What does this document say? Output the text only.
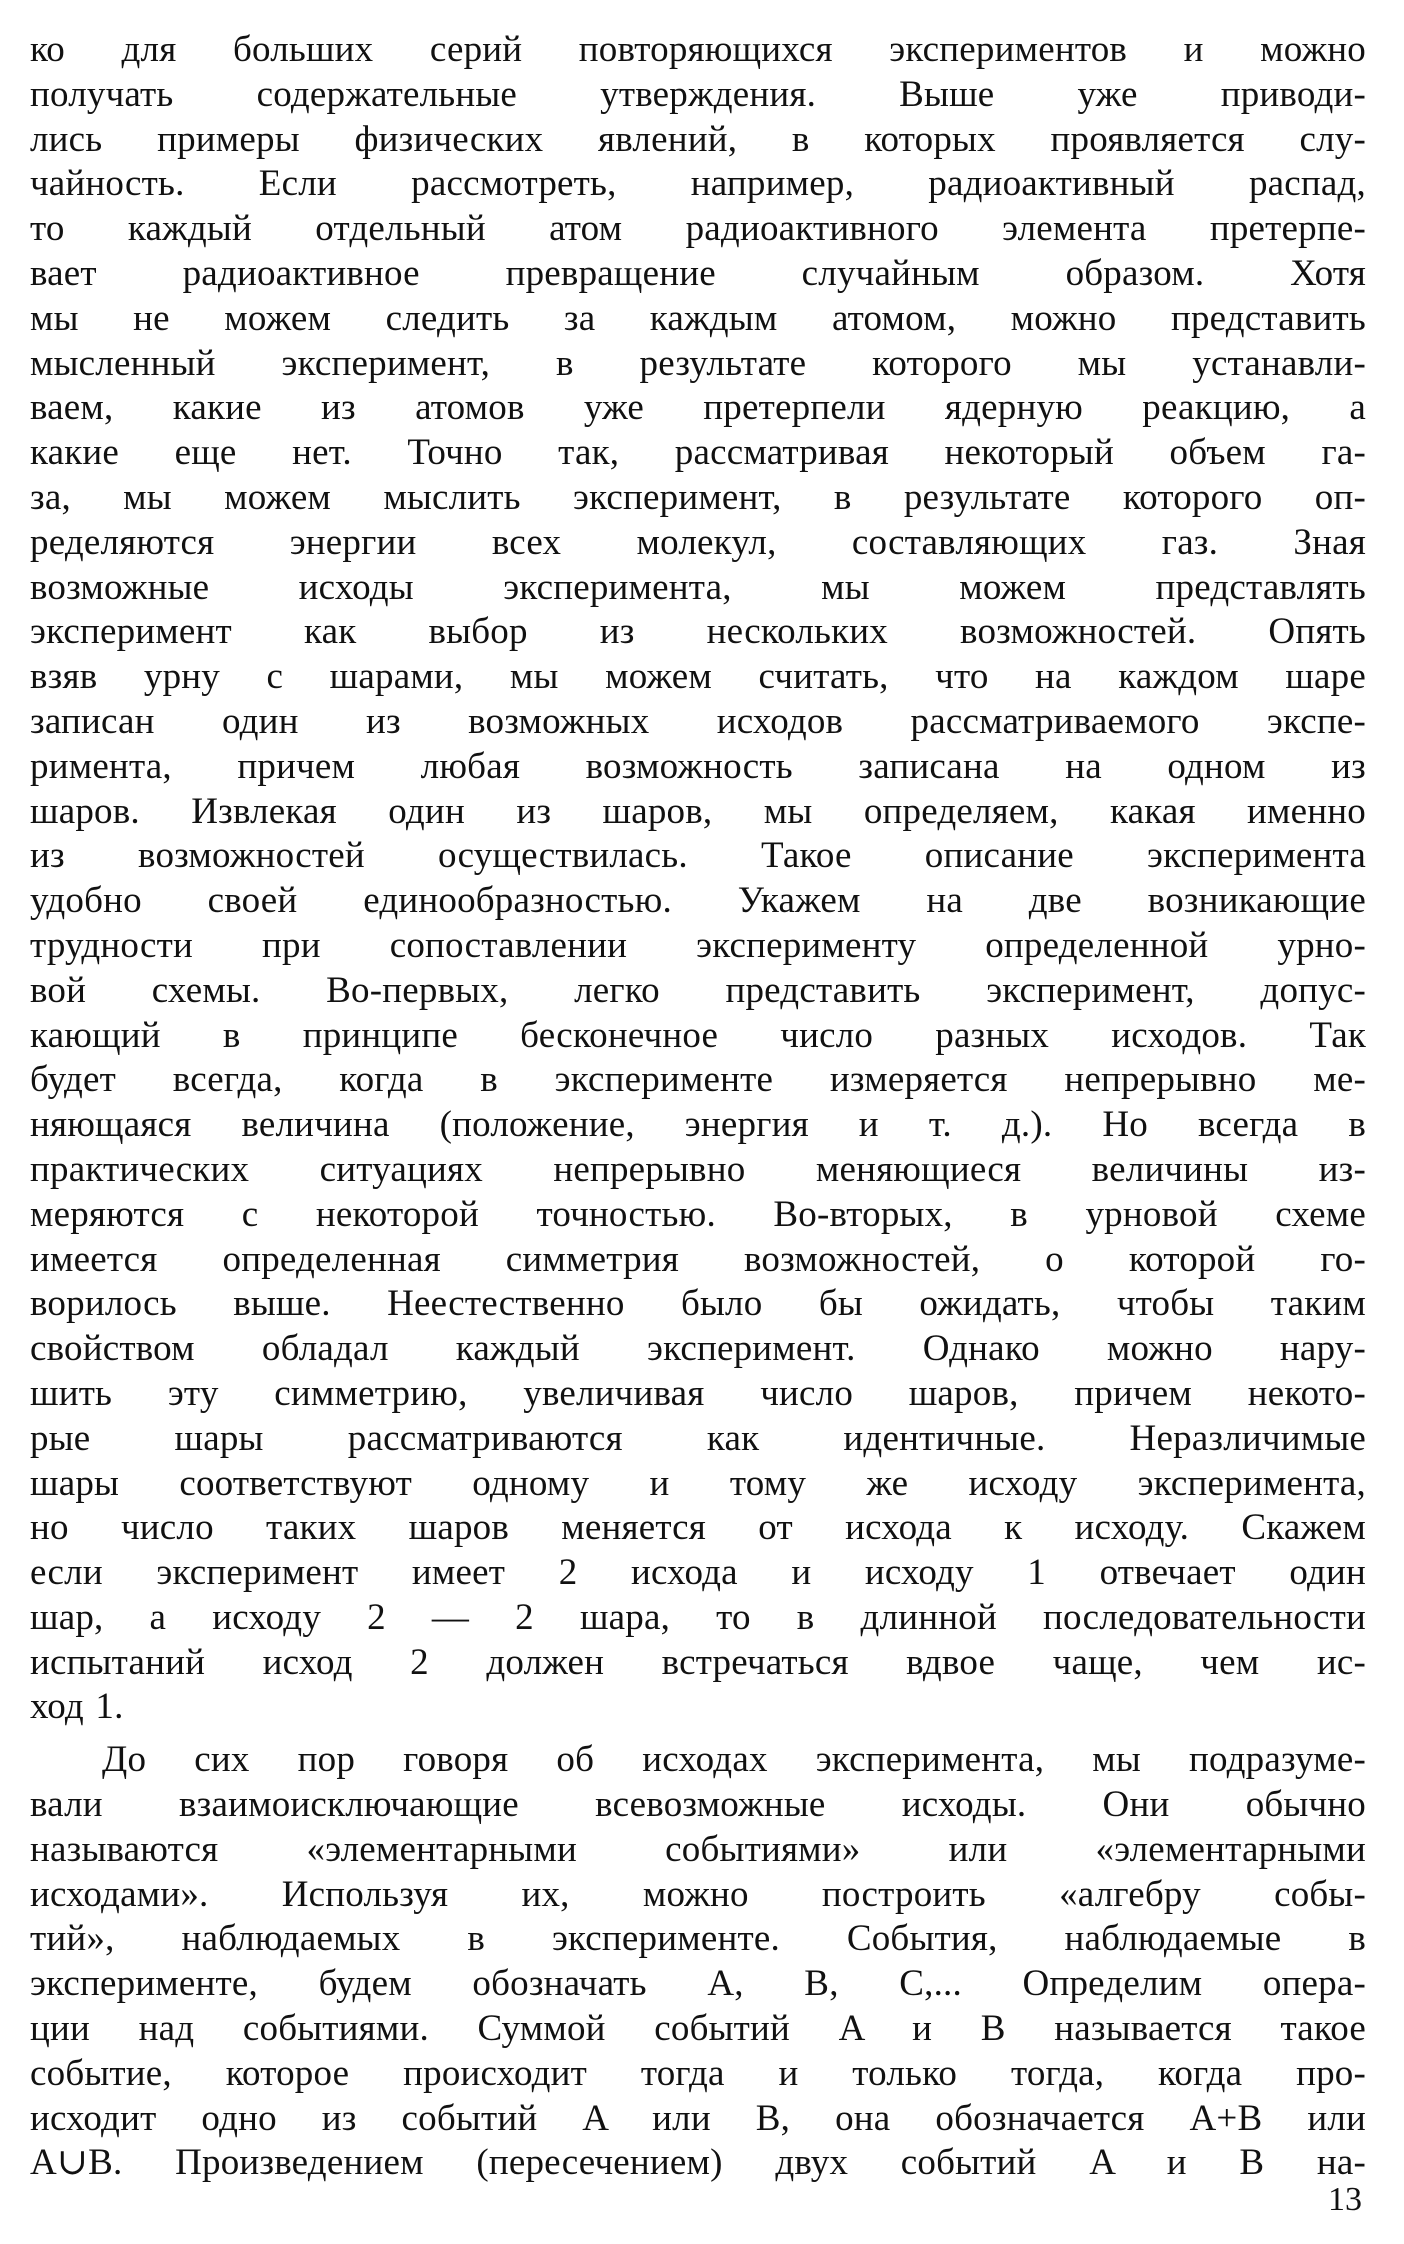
ко для больших серий повторяющихся экспериментов и можно
получать содержательные утверждения. Выше уже приводи-
лись примеры физических явлений, в которых проявляется слу-
чайность. Если рассмотреть, например, радиоактивный распад,
то каждый отдельный атом радиоактивного элемента претерпе-
вает радиоактивное превращение случайным образом. Хотя
мы не можем следить за каждым атомом, можно представить
мысленный эксперимент, в результате которого мы устанавли-
ваем, какие из атомов уже претерпели ядерную реакцию, а
какие еще нет. Точно так, рассматривая некоторый объем га-
за, мы можем мыслить эксперимент, в результате которого оп-
ределяются энергии всех молекул, составляющих газ. Зная
возможные исходы эксперимента, мы можем представлять
эксперимент как выбор из нескольких возможностей. Опять
взяв урну с шарами, мы можем считать, что на каждом шаре
записан один из возможных исходов рассматриваемого экспе-
римента, причем любая возможность записана на одном из
шаров. Извлекая один из шаров, мы определяем, какая именно
из возможностей осуществилась. Такое описание эксперимента
удобно своей единообразностью. Укажем на две возникающие
трудности при сопоставлении эксперименту определенной урно-
вой схемы. Во-первых, легко представить эксперимент, допус-
кающий в принципе бесконечное число разных исходов. Так
будет всегда, когда в эксперименте измеряется непрерывно ме-
няющаяся величина (положение, энергия и т. д.). Но всегда в
практических ситуациях непрерывно меняющиеся величины из-
меряются с некоторой точностью. Во-вторых, в урновой схеме
имеется определенная симметрия возможностей, о которой го-
ворилось выше. Неестественно было бы ожидать, чтобы таким
свойством обладал каждый эксперимент. Однако можно нару-
шить эту симметрию, увеличивая число шаров, причем некото-
рые шары рассматриваются как идентичные. Неразличимые
шары соответствуют одному и тому же исходу эксперимента,
но число таких шаров меняется от исхода к исходу. Скажем
если эксперимент имеет 2 исхода и исходу 1 отвечает один
шар, а исходу 2 — 2 шара, то в длинной последовательности
испытаний исход 2 должен встречаться вдвое чаще, чем ис-
ход 1.
До сих пор говоря об исходах эксперимента, мы подразуме-
вали взаимоисключающие всевозможные исходы. Они обычно
называются «элементарными событиями» или «элементарными
исходами». Используя их, можно построить «алгебру собы-
тий», наблюдаемых в эксперименте. События, наблюдаемые в
эксперименте, будем обозначать A, B, C,... Определим опера-
ции над событиями. Суммой событий A и B называется такое
событие, которое происходит тогда и только тогда, когда про-
исходит одно из событий A или B, она обозначается A+B или
A∪B. Произведением (пересечением) двух событий A и B на-
13
